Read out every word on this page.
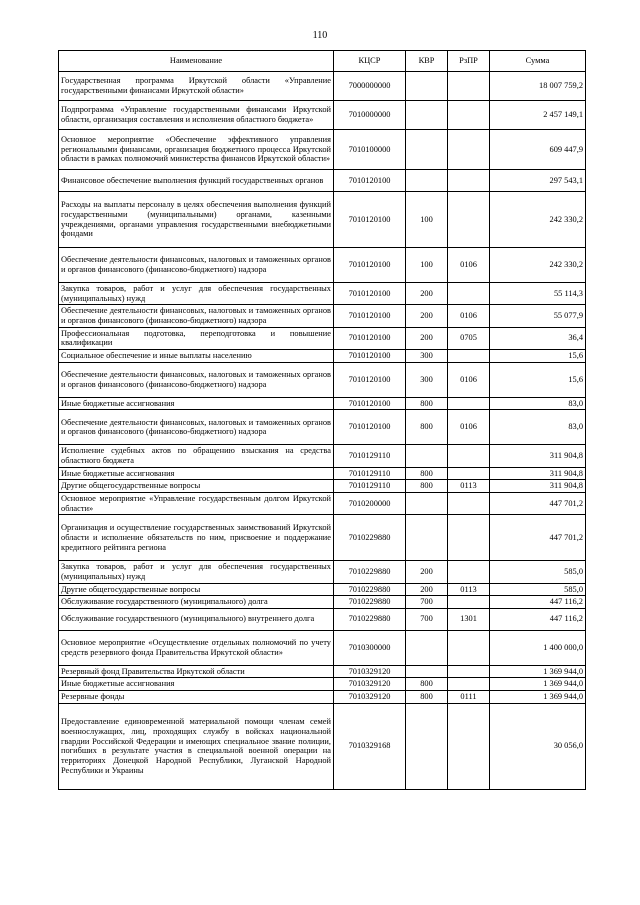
110
Наименование	КЦСР	КВР	РзПР	Сумма
Государственная программа Иркутской области «Управление государственными финансами Иркутской области»	7000000000			18 007 759,2
Подпрограмма «Управление государственными финансами Иркутской области, организация составления и исполнения областного бюджета»	7010000000			2 457 149,1
Основное мероприятие «Обеспечение эффективного управления региональными финансами, организация бюджетного процесса Иркутской области в рамках полномочий министерства финансов Иркутской области»	7010100000			609 447,9
Финансовое обеспечение выполнения функций государственных органов	7010120100			297 543,1
Расходы на выплаты персоналу в целях обеспечения выполнения функций государственными (муниципальными) органами, казенными учреждениями, органами управления государственными внебюджетными фондами	7010120100	100		242 330,2
Обеспечение деятельности финансовых, налоговых и таможенных органов и органов финансового (финансово-бюджетного) надзора	7010120100	100	0106	242 330,2
Закупка товаров, работ и услуг для обеспечения государственных (муниципальных) нужд	7010120100	200		55 114,3
Обеспечение деятельности финансовых, налоговых и таможенных органов и органов финансового (финансово-бюджетного) надзора	7010120100	200	0106	55 077,9
Профессиональная подготовка, переподготовка и повышение квалификации	7010120100	200	0705	36,4
Социальное обеспечение и иные выплаты населению	7010120100	300		15,6
Обеспечение деятельности финансовых, налоговых и таможенных органов и органов финансового (финансово-бюджетного) надзора	7010120100	300	0106	15,6
Иные бюджетные ассигнования	7010120100	800		83,0
Обеспечение деятельности финансовых, налоговых и таможенных органов и органов финансового (финансово-бюджетного) надзора	7010120100	800	0106	83,0
Исполнение судебных актов по обращению взыскания на средства областного бюджета	7010129110			311 904,8
Иные бюджетные ассигнования	7010129110	800		311 904,8
Другие общегосударственные вопросы	7010129110	800	0113	311 904,8
Основное мероприятие «Управление государственным долгом Иркутской области»	7010200000			447 701,2
Организация и осуществление государственных заимствований Иркутской области и исполнение обязательств по ним, присвоение и поддержание кредитного рейтинга региона	7010229880			447 701,2
Закупка товаров, работ и услуг для обеспечения государственных (муниципальных) нужд	7010229880	200		585,0
Другие общегосударственные вопросы	7010229880	200	0113	585,0
Обслуживание государственного (муниципального) долга	7010229880	700		447 116,2
Обслуживание государственного (муниципального) внутреннего долга	7010229880	700	1301	447 116,2
Основное мероприятие «Осуществление отдельных полномочий по учету средств резервного фонда Правительства Иркутской области»	7010300000			1 400 000,0
Резервный фонд Правительства Иркутской области	7010329120			1 369 944,0
Иные бюджетные ассигнования	7010329120	800		1 369 944,0
Резервные фонды	7010329120	800	0111	1 369 944,0
Предоставление единовременной материальной помощи членам семей военнослужащих, лиц, проходящих службу в войсках национальной гвардии Российской Федерации и имеющих специальное звание полиции, погибших в результате участия в специальной военной операции на территориях Донецкой Народной Республики, Луганской Народной Республики и Украины	7010329168			30 056,0
